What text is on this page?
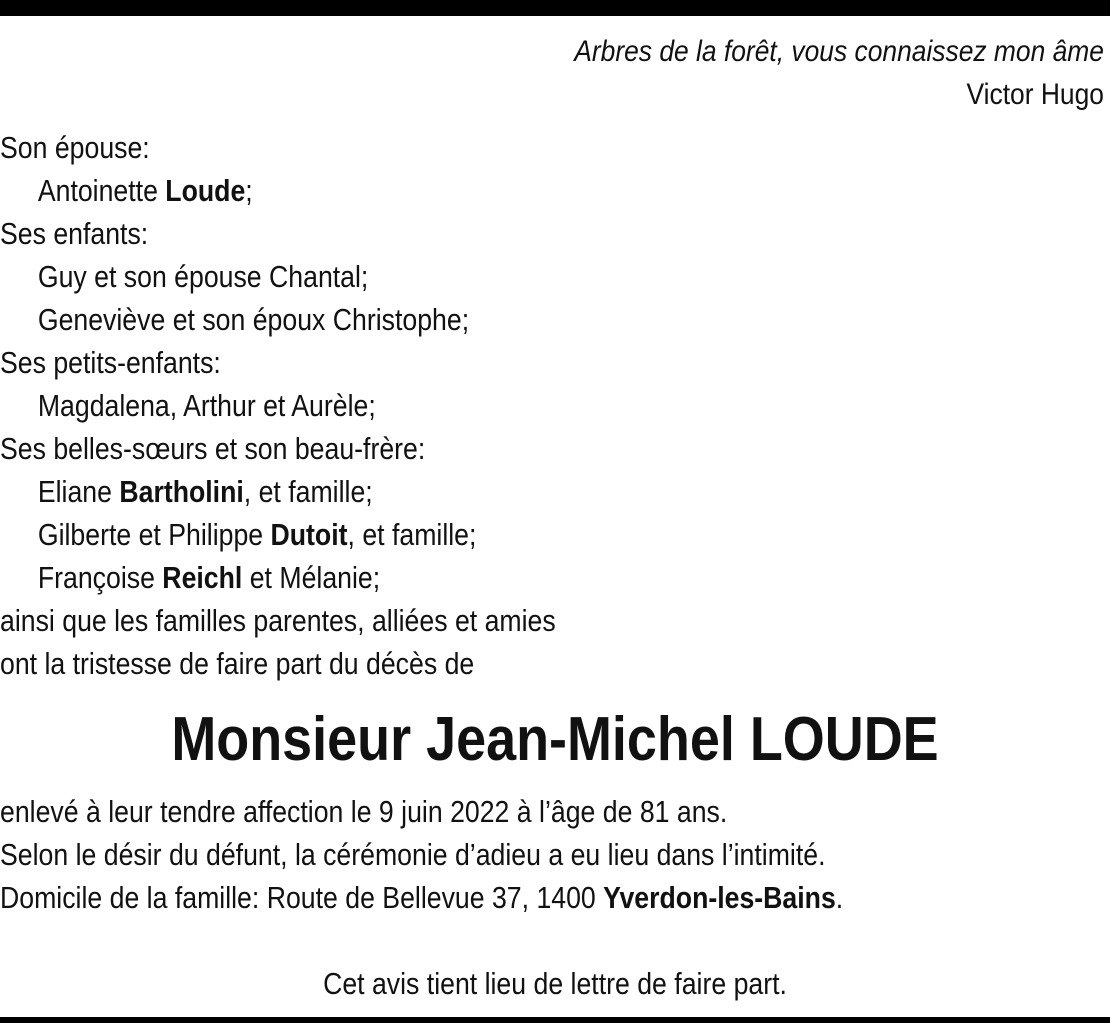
Arbres de la forêt, vous connaissez mon âme
Victor Hugo
Son épouse:
Antoinette Loude;
Ses enfants:
Guy et son épouse Chantal;
Geneviève et son époux Christophe;
Ses petits-enfants:
Magdalena, Arthur et Aurèle;
Ses belles-sœurs et son beau-frère:
Eliane Bartholini, et famille;
Gilberte et Philippe Dutoit, et famille;
Françoise Reichl et Mélanie;
ainsi que les familles parentes, alliées et amies
ont la tristesse de faire part du décès de
Monsieur Jean-Michel LOUDE
enlevé à leur tendre affection le 9 juin 2022 à l’âge de 81 ans.
Selon le désir du défunt, la cérémonie d’adieu a eu lieu dans l’intimité.
Domicile de la famille: Route de Bellevue 37, 1400 Yverdon-les-Bains.
Cet avis tient lieu de lettre de faire part.
